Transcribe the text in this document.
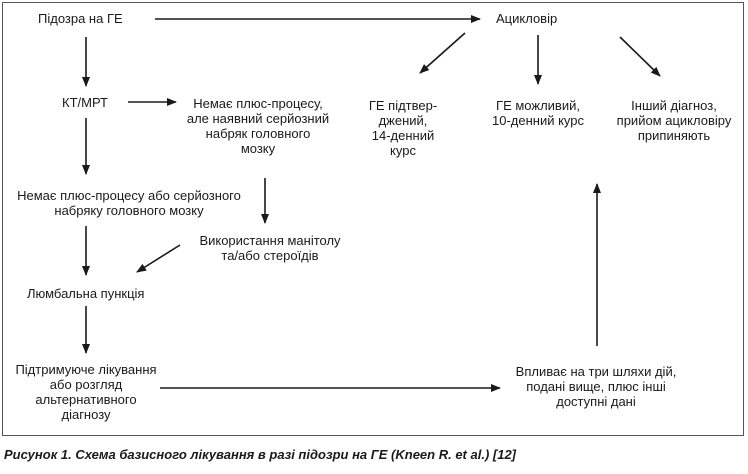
Підозра на ГЕ	Ацикловір
КТ/МРТ	Немає плюс-процесу,
але наявний серйозний
набряк головного
мозку
ГЕ підтвер-
джений,
14-денний
курс
ГЕ можливий,
10-денний курс
Інший діагноз,
прийом ацикловіру
припиняють
Немає плюс-процесу або серйозного
набряку головного мозку
Використання манітолу
та/або стероїдів
Люмбальна пункція
Підтримуюче лікування
або розгляд
альтернативного
діагнозу
Впливає на три шляхи дій,
подані вище, плюс інші
доступні дані
Рисунок 1. Схема базисного лікування в разі підозри на ГЕ (Kneen R. et al.) [12]
